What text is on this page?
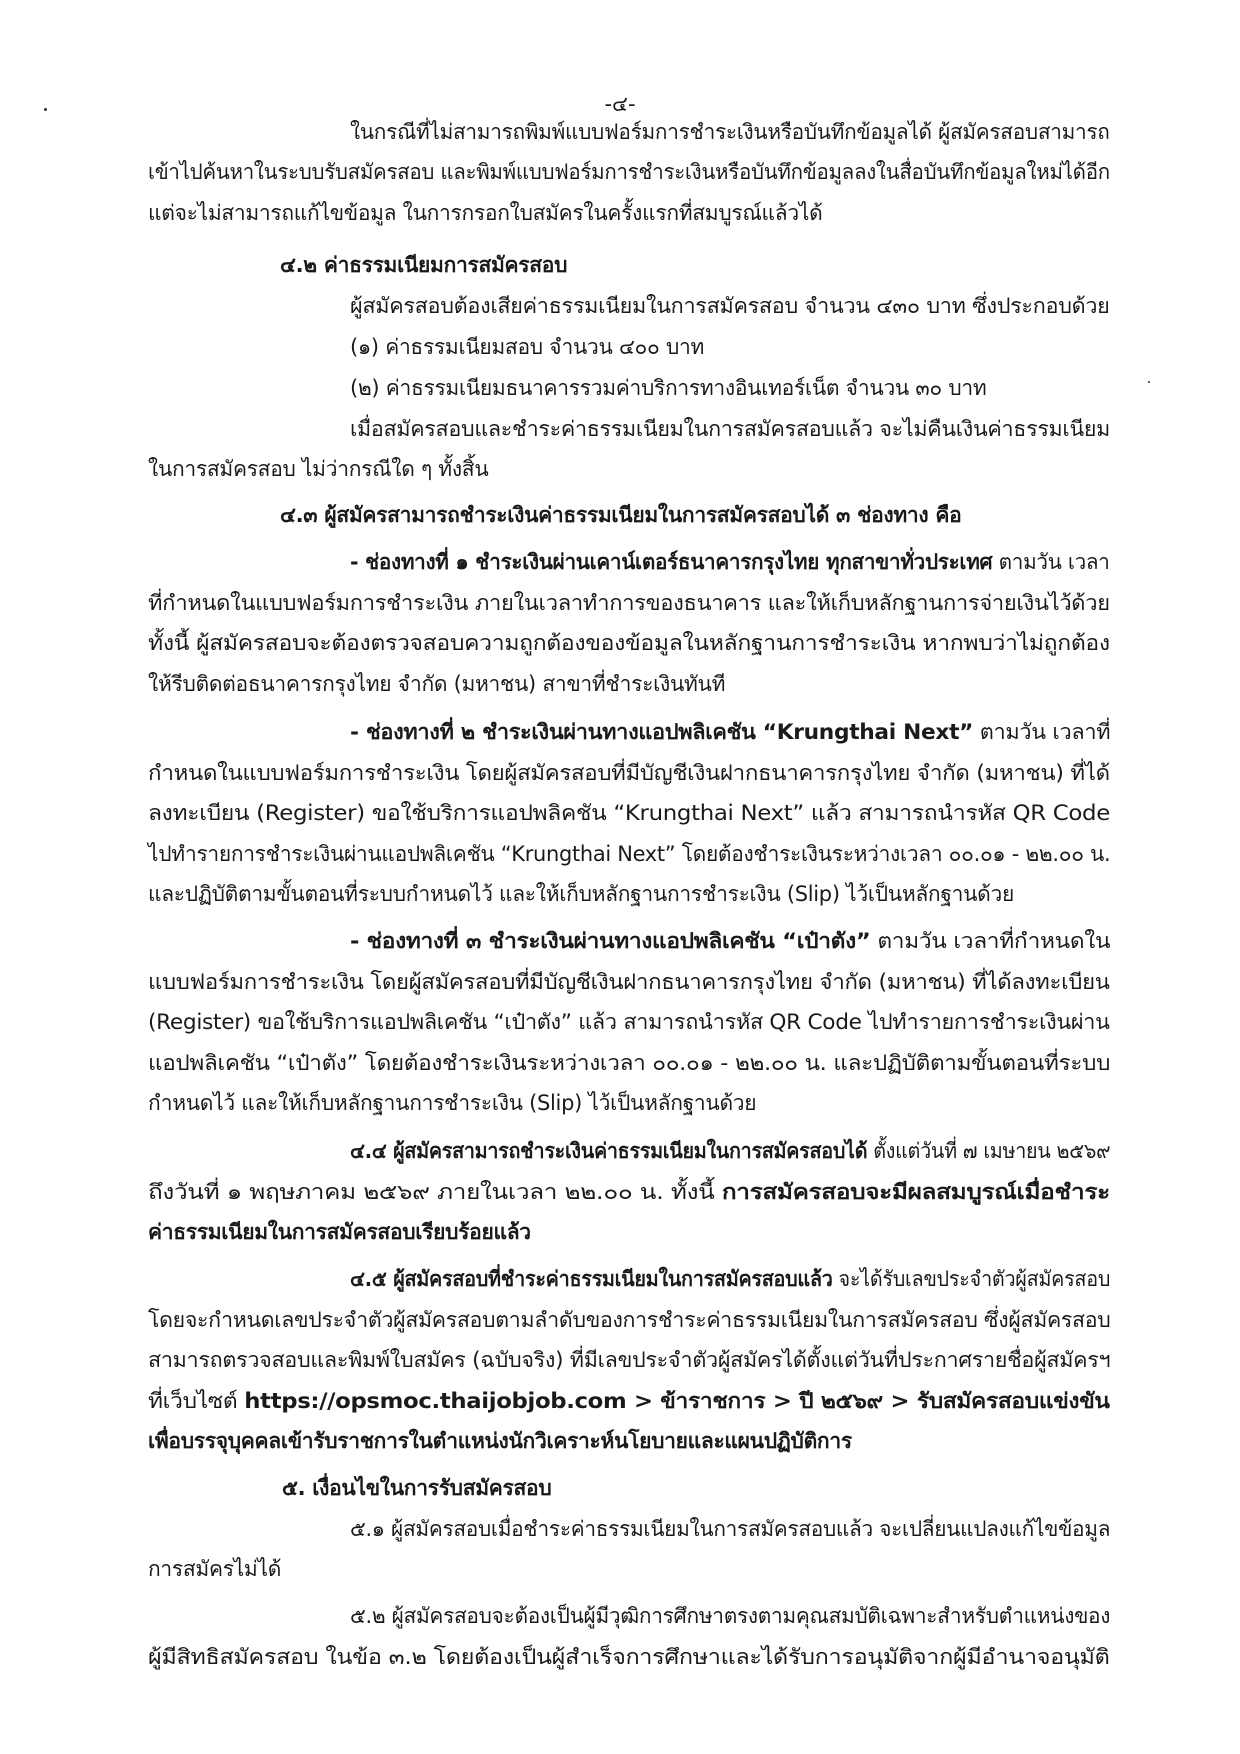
-๔-
ในกรณีที่ไม่สามารถพิมพ์แบบฟอร์มการชำระเงินหรือบันทึกข้อมูลได้ ผู้สมัครสอบสามารถ
เข้าไปค้นหาในระบบรับสมัครสอบ และพิมพ์แบบฟอร์มการชำระเงินหรือบันทึกข้อมูลลงในสื่อบันทึกข้อมูลใหม่ได้อีก
แต่จะไม่สามารถแก้ไขข้อมูล ในการกรอกใบสมัครในครั้งแรกที่สมบูรณ์แล้วได้
๔.๒ ค่าธรรมเนียมการสมัครสอบ
ผู้สมัครสอบต้องเสียค่าธรรมเนียมในการสมัครสอบ จำนวน ๔๓๐ บาท ซึ่งประกอบด้วย
(๑) ค่าธรรมเนียมสอบ จำนวน ๔๐๐ บาท
(๒) ค่าธรรมเนียมธนาคารรวมค่าบริการทางอินเทอร์เน็ต จำนวน ๓๐ บาท
เมื่อสมัครสอบและชำระค่าธรรมเนียมในการสมัครสอบแล้ว จะไม่คืนเงินค่าธรรมเนียม
ในการสมัครสอบ ไม่ว่ากรณีใด ๆ ทั้งสิ้น
๔.๓ ผู้สมัครสามารถชำระเงินค่าธรรมเนียมในการสมัครสอบได้ ๓ ช่องทาง คือ
- ช่องทางที่ ๑ ชำระเงินผ่านเคาน์เตอร์ธนาคารกรุงไทย ทุกสาขาทั่วประเทศ ตามวัน เวลา
ที่กำหนดในแบบฟอร์มการชำระเงิน ภายในเวลาทำการของธนาคาร และให้เก็บหลักฐานการจ่ายเงินไว้ด้วย
ทั้งนี้ ผู้สมัครสอบจะต้องตรวจสอบความถูกต้องของข้อมูลในหลักฐานการชำระเงิน หากพบว่าไม่ถูกต้อง
ให้รีบติดต่อธนาคารกรุงไทย จำกัด (มหาชน) สาขาที่ชำระเงินทันที
- ช่องทางที่ ๒ ชำระเงินผ่านทางแอปพลิเคชัน “Krungthai Next” ตามวัน เวลาที่
กำหนดในแบบฟอร์มการชำระเงิน โดยผู้สมัครสอบที่มีบัญชีเงินฝากธนาคารกรุงไทย จำกัด (มหาชน) ที่ได้
ลงทะเบียน (Register) ขอใช้บริการแอปพลิคชัน “Krungthai Next” แล้ว สามารถนำรหัส QR Code
ไปทำรายการชำระเงินผ่านแอปพลิเคชัน “Krungthai Next” โดยต้องชำระเงินระหว่างเวลา ๐๐.๐๑ - ๒๒.๐๐ น.
และปฏิบัติตามขั้นตอนที่ระบบกำหนดไว้ และให้เก็บหลักฐานการชำระเงิน (Slip) ไว้เป็นหลักฐานด้วย
- ช่องทางที่ ๓ ชำระเงินผ่านทางแอปพลิเคชัน “เป๋าตัง” ตามวัน เวลาที่กำหนดใน
แบบฟอร์มการชำระเงิน โดยผู้สมัครสอบที่มีบัญชีเงินฝากธนาคารกรุงไทย จำกัด (มหาชน) ที่ได้ลงทะเบียน
(Register) ขอใช้บริการแอปพลิเคชัน “เป๋าตัง” แล้ว สามารถนำรหัส QR Code ไปทำรายการชำระเงินผ่าน
แอปพลิเคชัน “เป๋าตัง” โดยต้องชำระเงินระหว่างเวลา ๐๐.๐๑ - ๒๒.๐๐ น. และปฏิบัติตามขั้นตอนที่ระบบ
กำหนดไว้ และให้เก็บหลักฐานการชำระเงิน (Slip) ไว้เป็นหลักฐานด้วย
๔.๔ ผู้สมัครสามารถชำระเงินค่าธรรมเนียมในการสมัครสอบได้ ตั้งแต่วันที่ ๗ เมษายน ๒๕๖๙
ถึงวันที่ ๑ พฤษภาคม ๒๕๖๙ ภายในเวลา ๒๒.๐๐ น. ทั้งนี้ การสมัครสอบจะมีผลสมบูรณ์เมื่อชำระ
ค่าธรรมเนียมในการสมัครสอบเรียบร้อยแล้ว
๔.๕ ผู้สมัครสอบที่ชำระค่าธรรมเนียมในการสมัครสอบแล้ว จะได้รับเลขประจำตัวผู้สมัครสอบ
โดยจะกำหนดเลขประจำตัวผู้สมัครสอบตามลำดับของการชำระค่าธรรมเนียมในการสมัครสอบ ซึ่งผู้สมัครสอบ
สามารถตรวจสอบและพิมพ์ใบสมัคร (ฉบับจริง) ที่มีเลขประจำตัวผู้สมัครได้ตั้งแต่วันที่ประกาศรายชื่อผู้สมัครฯ
ที่เว็บไซต์ https://opsmoc.thaijobjob.com > ข้าราชการ > ปี ๒๕๖๙ > รับสมัครสอบแข่งขัน
เพื่อบรรจุบุคคลเข้ารับราชการในตำแหน่งนักวิเคราะห์นโยบายและแผนปฏิบัติการ
๕. เงื่อนไขในการรับสมัครสอบ
๕.๑ ผู้สมัครสอบเมื่อชำระค่าธรรมเนียมในการสมัครสอบแล้ว จะเปลี่ยนแปลงแก้ไขข้อมูล
การสมัครไม่ได้
๕.๒ ผู้สมัครสอบจะต้องเป็นผู้มีวุฒิการศึกษาตรงตามคุณสมบัติเฉพาะสำหรับตำแหน่งของ
ผู้มีสิทธิสมัครสอบ ในข้อ ๓.๒ โดยต้องเป็นผู้สำเร็จการศึกษาและได้รับการอนุมัติจากผู้มีอำนาจอนุมัติ
